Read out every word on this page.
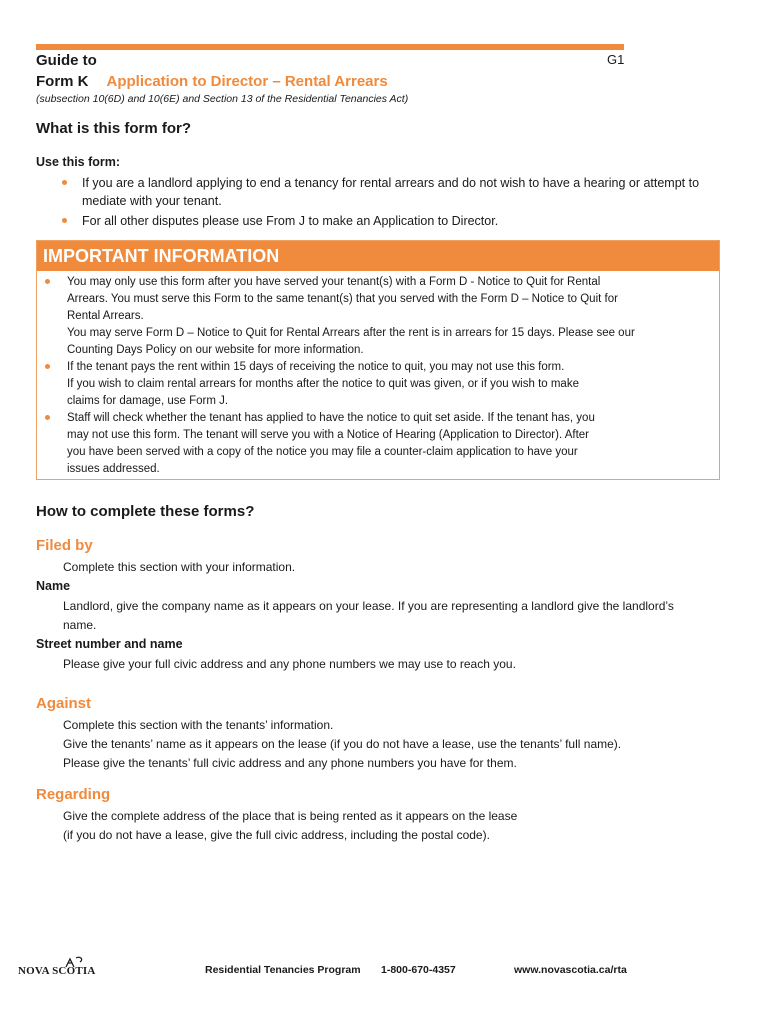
Guide to
Form K Application to Director – Rental Arrears
G1
(subsection 10(6D) and 10(6E) and Section 13 of the Residential Tenancies Act)
What is this form for?
Use this form:
If you are a landlord applying to end a tenancy for rental arrears and do not wish to have a hearing or attempt to mediate with your tenant.
For all other disputes please use From J to make an Application to Director.
IMPORTANT INFORMATION
You may only use this form after you have served your tenant(s) with a Form D - Notice to Quit for Rental
Arrears. You must serve this Form to the same tenant(s) that you served with the Form D – Notice to Quit for
Rental Arrears.
You may serve Form D – Notice to Quit for Rental Arrears after the rent is in arrears for 15 days. Please see our
Counting Days Policy on our website for more information.
If the tenant pays the rent within 15 days of receiving the notice to quit, you may not use this form.
If you wish to claim rental arrears for months after the notice to quit was given, or if you wish to make
claims for damage, use Form J.
Staff will check whether the tenant has applied to have the notice to quit set aside. If the tenant has, you
may not use this form. The tenant will serve you with a Notice of Hearing (Application to Director). After
you have been served with a copy of the notice you may file a counter-claim application to have your
issues addressed.
How to complete these forms?
Filed by

Complete this section with your information.

Name

Landlord, give the company name as it appears on your lease. If you are representing a landlord give the landlord’s
name.

Street number and name

Please give your full civic address and any phone numbers we may use to reach you.

Against

Complete this section with the tenants’ information.
Give the tenants’ name as it appears on the lease (if you do not have a lease, use the tenants’ full name).
Please give the tenants’ full civic address and any phone numbers you have for them.

Regarding

Give the complete address of the place that is being rented as it appears on the lease
(if you do not have a lease, give the full civic address, including the postal code).

NOVA SCOTIA	Residential Tenancies Program 1-800-670-4357	www.novascotia.ca/rta
